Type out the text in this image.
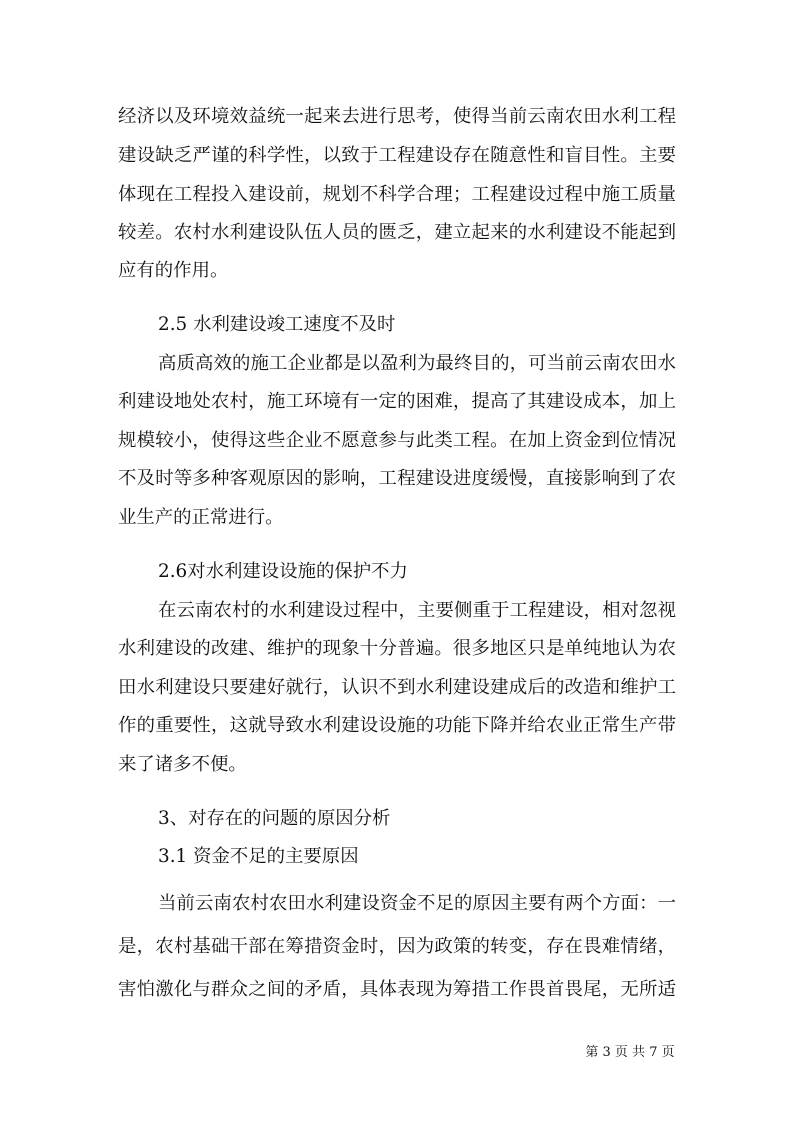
经济以及环境效益统一起来去进行思考，使得当前云南农田水利工程
建设缺乏严谨的科学性，以致于工程建设存在随意性和盲目性。主要
体现在工程投入建设前，规划不科学合理；工程建设过程中施工质量
较差。农村水利建设队伍人员的匮乏，建立起来的水利建设不能起到
应有的作用。
2.5 水利建设竣工速度不及时
高质高效的施工企业都是以盈利为最终目的，可当前云南农田水
利建设地处农村，施工环境有一定的困难，提高了其建设成本，加上
规模较小，使得这些企业不愿意参与此类工程。在加上资金到位情况
不及时等多种客观原因的影响，工程建设进度缓慢，直接影响到了农
业生产的正常进行。
2.6对水利建设设施的保护不力
在云南农村的水利建设过程中，主要侧重于工程建设，相对忽视
水利建设的改建、维护的现象十分普遍。很多地区只是单纯地认为农
田水利建设只要建好就行，认识不到水利建设建成后的改造和维护工
作的重要性，这就导致水利建设设施的功能下降并给农业正常生产带
来了诸多不便。
3、对存在的问题的原因分析
3.1 资金不足的主要原因
当前云南农村农田水利建设资金不足的原因主要有两个方面：一
是，农村基础干部在筹措资金时，因为政策的转变，存在畏难情绪，
害怕激化与群众之间的矛盾，具体表现为筹措工作畏首畏尾，无所适
第 3 页 共 7 页
